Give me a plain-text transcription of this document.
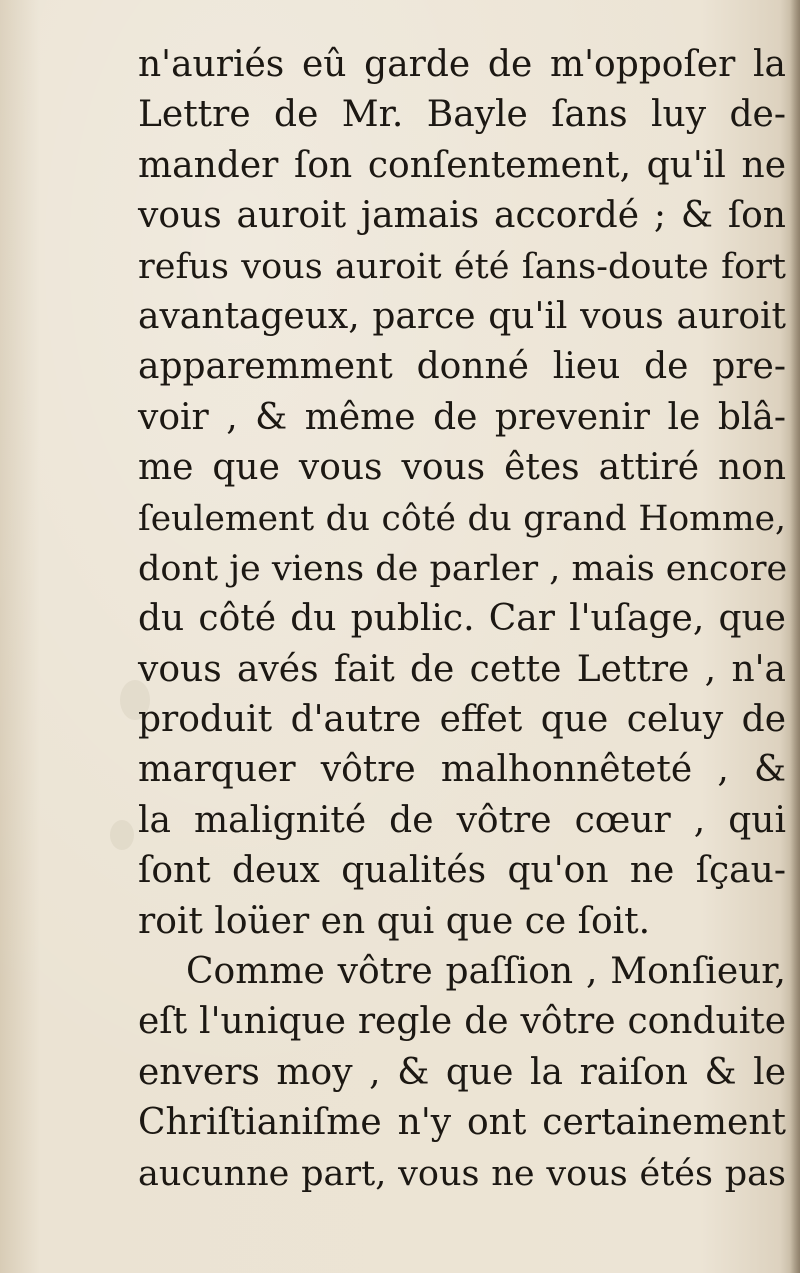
n'auriés eû garde de m'oppoſer la
Lettre de Mr. Bayle ſans luy de-
mander ſon conſentement, qu'il ne
vous auroit jamais accordé ; & ſon
refus vous auroit été ſans-doute fort
avantageux, parce qu'il vous auroit
apparemment donné lieu de pre-
voir , & même de prevenir le blâ-
me que vous vous êtes attiré non
ſeulement du côté du grand Homme,
dont je viens de parler , mais encore
du côté du public. Car l'uſage, que
vous avés fait de cette Lettre , n'a
produit d'autre effet que celuy de
marquer vôtre malhonnêteté , &
la malignité de vôtre cœur , qui
ſont deux qualités qu'on ne ſçau-
roit loüer en qui que ce ſoit.
Comme vôtre paſſion , Monſieur,
eſt l'unique regle de vôtre conduite
envers moy , & que la raiſon & le
Chriſtianiſme n'y ont certainement
aucunne part, vous ne vous étés pas
